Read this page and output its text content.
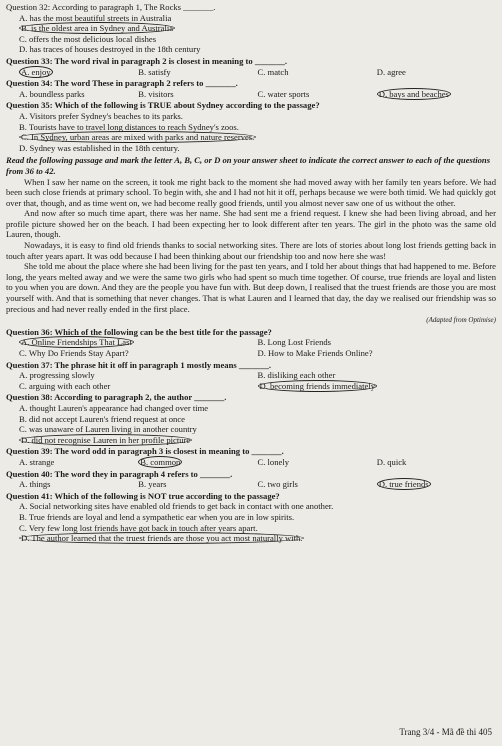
Question 32: According to paragraph 1, The Rocks _______.
A. has the most beautiful streets in Australia
B. is the oldest area in Sydney and Australia
C. offers the most delicious local dishes
D. has traces of houses destroyed in the 18th century
Question 33: The word rival in paragraph 2 is closest in meaning to _______.
A. enjoy	B. satisfy	C. match	D. agree
Question 34: The word These in paragraph 2 refers to _______.
A. boundless parks	B. visitors	C. water sports	D. bays and beaches
Question 35: Which of the following is TRUE about Sydney according to the passage?
A. Visitors prefer Sydney's beaches to its parks.
B. Tourists have to travel long distances to reach Sydney's zoos.
C. In Sydney, urban areas are mixed with parks and nature reserves.
D. Sydney was established in the 18th century.
Read the following passage and mark the letter A, B, C, or D on your answer sheet to indicate the correct answer to each of the questions from 36 to 42.

When I saw her name on the screen, it took me right back to the moment she had moved away with her family ten years before. We had been such close friends at primary school. To begin with, she and I had not hit it off, perhaps because we were both timid. We had quickly got over that, though, and as time went on, we had become really good friends, until you almost never saw one of us without the other.

And now after so much time apart, there was her name. She had sent me a friend request. I knew she had been living abroad, and her profile picture showed her on the beach. I had been expecting her to look different after ten years. The girl in the photo was the same old Lauren, though.

Nowadays, it is easy to find old friends thanks to social networking sites. There are lots of stories about long lost friends getting back in touch after years apart. It was odd because I had been thinking about our friendship too and now here she was!

She told me about the place where she had been living for the past ten years, and I told her about things that had happened to me. Before long, the years melted away and we were the same two girls who had spent so much time together. Of course, true friends are loyal and listen to you when you are down. And they are the people you have fun with. But deep down, I realised that the truest friends are those you are most yourself with. And that is something that never changes. That is what Lauren and I learned that day, the day we realised our friendship was so precious and had never really ended in the first place.

(Adapted from Optimise)
Question 36: Which of the following can be the best title for the passage?
A. Online Friendships That Last	B. Long Lost Friends
C. Why Do Friends Stay Apart?	D. How to Make Friends Online?
Question 37: The phrase hit it off in paragraph 1 mostly means _______.
A. progressing slowly	B. disliking each other
C. arguing with each other	D. becoming friends immediately
Question 38: According to paragraph 2, the author _______.
A. thought Lauren's appearance had changed over time
B. did not accept Lauren's friend request at once
C. was unaware of Lauren living in another country
D. did not recognise Lauren in her profile picture
Question 39: The word odd in paragraph 3 is closest in meaning to _______.
A. strange	B. common	C. lonely	D. quick
Question 40: The word they in paragraph 4 refers to _______.
A. things	B. years	C. two girls	D. true friends
Question 41: Which of the following is NOT true according to the passage?
A. Social networking sites have enabled old friends to get back in contact with one another.
B. True friends are loyal and lend a sympathetic ear when you are in low spirits.
C. Very few long lost friends have got back in touch after years apart.
D. The author learned that the truest friends are those you act most naturally with.
Trang 3/4 - Mã đề thi 405
